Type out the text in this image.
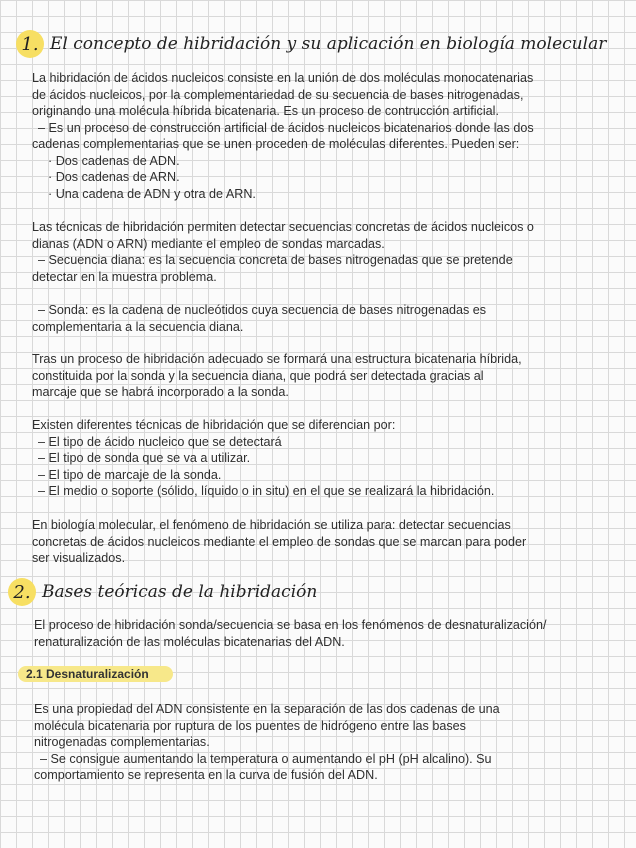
1. El concepto de hibridación y su aplicación en biología molecular

La hibridación de ácidos nucleicos consiste en la unión de dos moléculas monocatenarias

de ácidos nucleicos, por la complementariedad de su secuencia de bases nitrogenadas,

originando una molécula híbrida bicatenaria. Es un proceso de contrucción artificial.

– Es un proceso de construcción artificial de ácidos nucleicos bicatenarios donde las dos

cadenas complementarias que se unen proceden de moléculas diferentes. Pueden ser:

· Dos cadenas de ADN.

· Dos cadenas de ARN.

· Una cadena de ADN y otra de ARN.

Las técnicas de hibridación permiten detectar secuencias concretas de ácidos nucleicos o

dianas (ADN o ARN) mediante el empleo de sondas marcadas.

– Secuencia diana: es la secuencia concreta de bases nitrogenadas que se pretende

detectar en la muestra problema.

– Sonda: es la cadena de nucleótidos cuya secuencia de bases nitrogenadas es

complementaria a la secuencia diana.

Tras un proceso de hibridación adecuado se formará una estructura bicatenaria híbrida,

constituida por la sonda y la secuencia diana, que podrá ser detectada gracias al

marcaje que se habrá incorporado a la sonda.

Existen diferentes técnicas de hibridación que se diferencian por:

– El tipo de ácido nucleico que se detectará

– El tipo de sonda que se va a utilizar.

– El tipo de marcaje de la sonda.

– El medio o soporte (sólido, líquido o in situ) en el que se realizará la hibridación.

En biología molecular, el fenómeno de hibridación se utiliza para: detectar secuencias

concretas de ácidos nucleicos mediante el empleo de sondas que se marcan para poder

ser visualizados.

2. Bases teóricas de la hibridación

El proceso de hibridación sonda/secuencia se basa en los fenómenos de desnaturalización/

renaturalización de las moléculas bicatenarias del ADN.

2.1 Desnaturalización

Es una propiedad del ADN consistente en la separación de las dos cadenas de una

molécula bicatenaria por ruptura de los puentes de hidrógeno entre las bases

nitrogenadas complementarias.

– Se consigue aumentando la temperatura o aumentando el pH (pH alcalino). Su

comportamiento se representa en la curva de fusión del ADN.
